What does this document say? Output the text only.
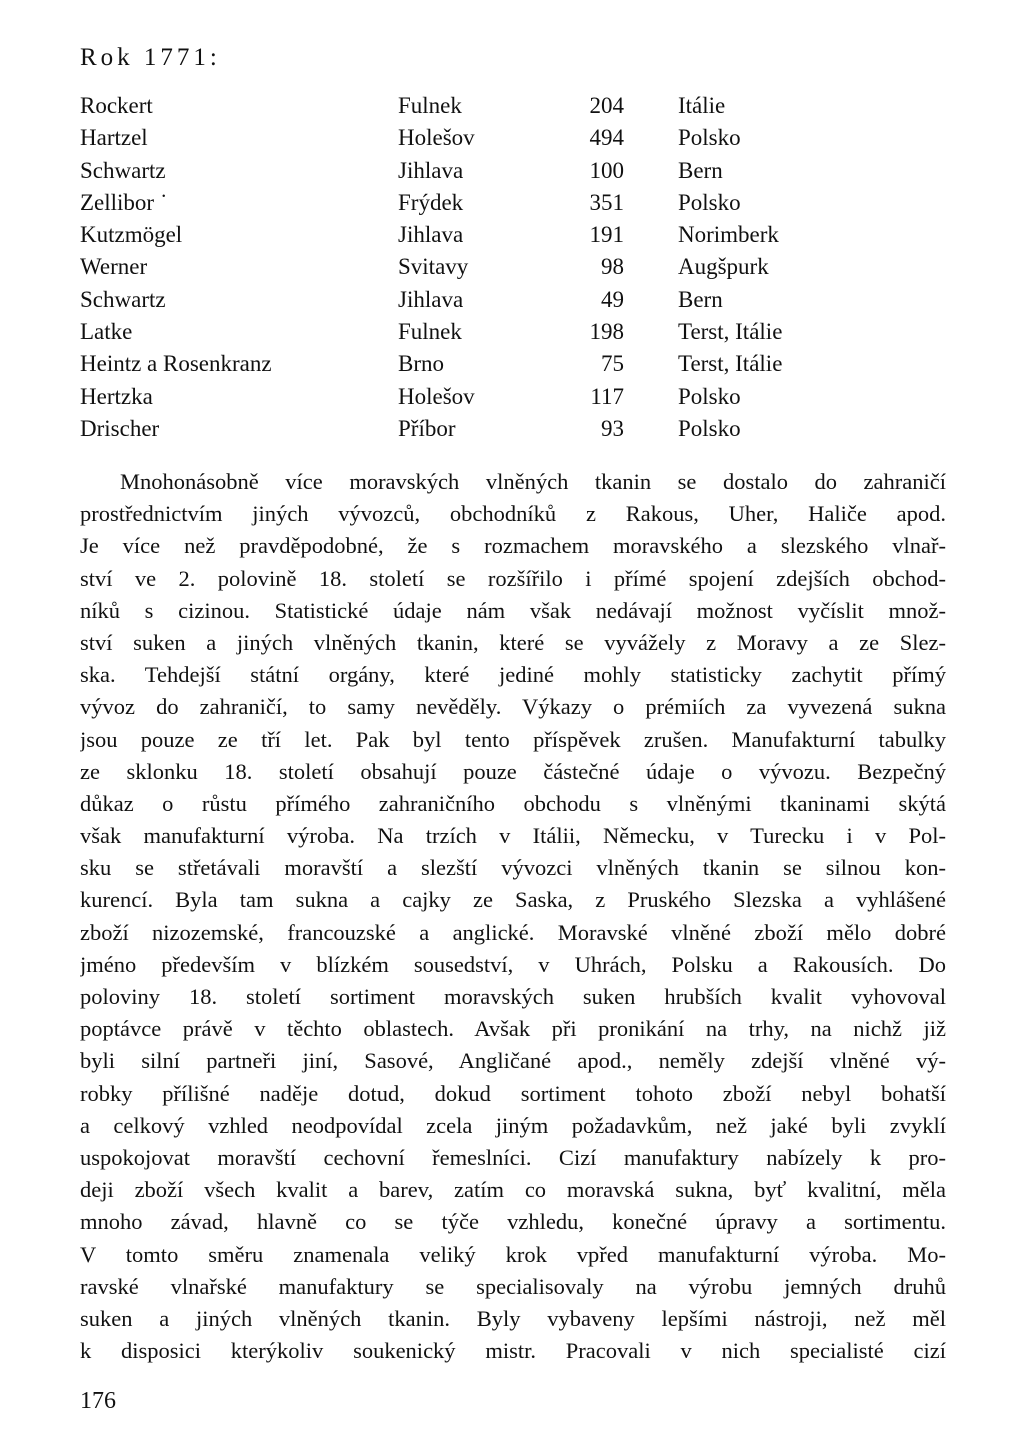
Rok 1771:
Rockert	Fulnek	204		Itálie
Hartzel	Holešov	494		Polsko
Schwartz	Jihlava	100		Bern
Zellibor ˙	Frýdek	351		Polsko
Kutzmögel	Jihlava	191		Norimberk
Werner	Svitavy	98		Augšpurk
Schwartz	Jihlava	49		Bern
Latke	Fulnek	198		Terst, Itálie
Heintz a Rosenkranz	Brno	75		Terst, Itálie
Hertzka	Holešov	117		Polsko
Drischer	Příbor	93		Polsko
Mnohonásobně více moravských vlněných tkanin se dostalo do zahraničí
prostřednictvím jiných vývozců, obchodníků z Rakous, Uher, Haliče apod.
Je více než pravděpodobné, že s rozmachem moravského a slezského vlnař-
ství ve 2. polovině 18. století se rozšířilo i přímé spojení zdejších obchod-
níků s cizinou. Statistické údaje nám však nedávají možnost vyčíslit množ-
ství suken a jiných vlněných tkanin, které se vyvážely z Moravy a ze Slez-
ska. Tehdejší státní orgány, které jediné mohly statisticky zachytit přímý
vývoz do zahraničí, to samy nevěděly. Výkazy o prémiích za vyvezená sukna
jsou pouze ze tří let. Pak byl tento příspěvek zrušen. Manufakturní tabulky
ze sklonku 18. století obsahují pouze částečné údaje o vývozu. Bezpečný
důkaz o růstu přímého zahraničního obchodu s vlněnými tkaninami skýtá
však manufakturní výroba. Na trzích v Itálii, Německu, v Turecku i v Pol-
sku se střetávali moravští a slezští vývozci vlněných tkanin se silnou kon-
kurencí. Byla tam sukna a cajky ze Saska, z Pruského Slezska a vyhlášené
zboží nizozemské, francouzské a anglické. Moravské vlněné zboží mělo dobré
jméno především v blízkém sousedství, v Uhrách, Polsku a Rakousích. Do
poloviny 18. století sortiment moravských suken hrubších kvalit vyhovoval
poptávce právě v těchto oblastech. Avšak při pronikání na trhy, na nichž již
byli silní partneři jiní, Sasové, Angličané apod., neměly zdejší vlněné vý-
robky přílišné naděje dotud, dokud sortiment tohoto zboží nebyl bohatší
a celkový vzhled neodpovídal zcela jiným požadavkům, než jaké byli zvyklí
uspokojovat moravští cechovní řemeslníci. Cizí manufaktury nabízely k pro-
deji zboží všech kvalit a barev, zatím co moravská sukna, byť kvalitní, měla
mnoho závad, hlavně co se týče vzhledu, konečné úpravy a sortimentu.
V tomto směru znamenala veliký krok vpřed manufakturní výroba. Mo-
ravské vlnařské manufaktury se specialisovaly na výrobu jemných druhů
suken a jiných vlněných tkanin. Byly vybaveny lepšími nástroji, než měl
k disposici kterýkoliv soukenický mistr. Pracovali v nich specialisté cizí

176
